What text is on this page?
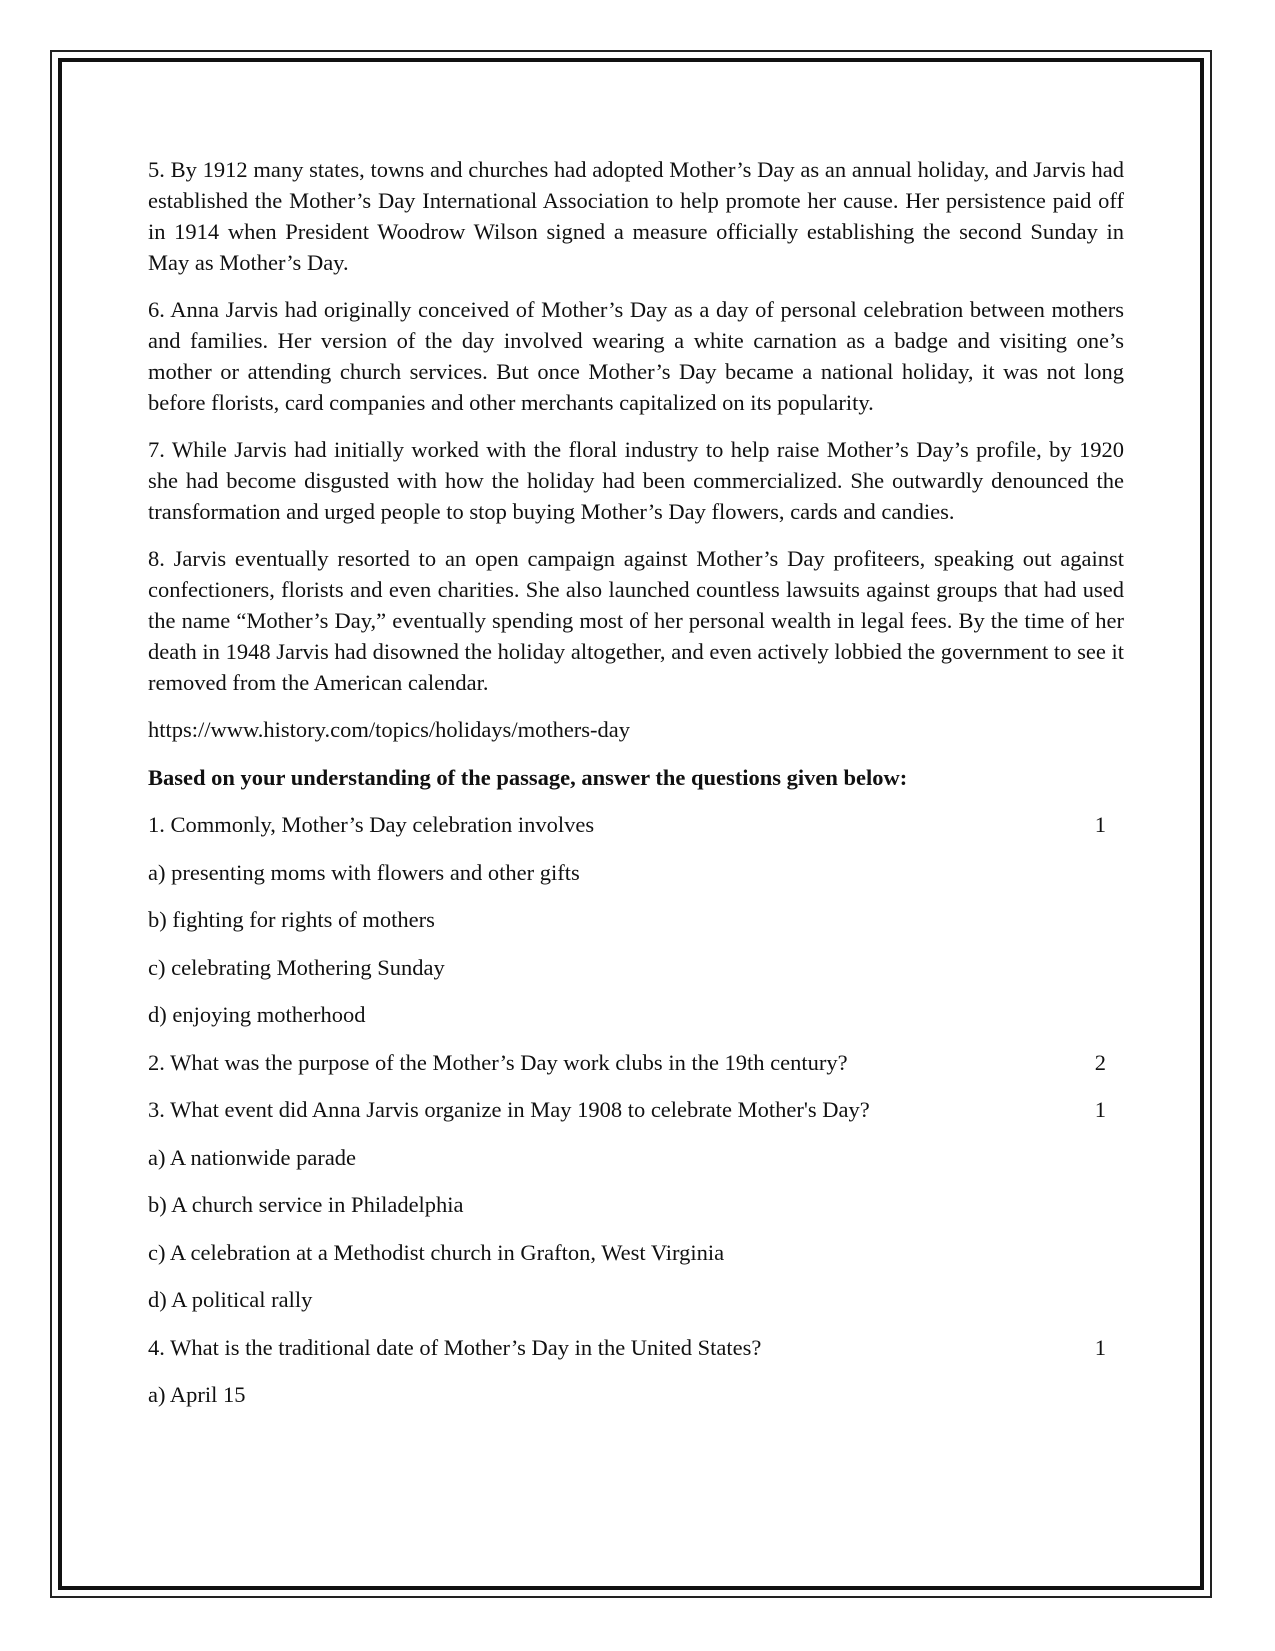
5. By 1912 many states, towns and churches had adopted Mother’s Day as an annual holiday, and Jarvis had established the Mother’s Day International Association to help promote her cause. Her persistence paid off in 1914 when President Woodrow Wilson signed a measure officially establishing the second Sunday in May as Mother’s Day.

6. Anna Jarvis had originally conceived of Mother’s Day as a day of personal celebration between mothers and families. Her version of the day involved wearing a white carnation as a badge and visiting one’s mother or attending church services. But once Mother’s Day became a national holiday, it was not long before florists, card companies and other merchants capitalized on its popularity.

7. While Jarvis had initially worked with the floral industry to help raise Mother’s Day’s profile, by 1920 she had become disgusted with how the holiday had been commercialized. She outwardly denounced the transformation and urged people to stop buying Mother’s Day flowers, cards and candies.

8. Jarvis eventually resorted to an open campaign against Mother’s Day profiteers, speaking out against confectioners, florists and even charities. She also launched countless lawsuits against groups that had used the name “Mother’s Day,” eventually spending most of her personal wealth in legal fees. By the time of her death in 1948 Jarvis had disowned the holiday altogether, and even actively lobbied the government to see it removed from the American calendar.

https://www.history.com/topics/holidays/mothers-day
Based on your understanding of the passage, answer the questions given below:
1. Commonly, Mother’s Day celebration involves	1
a) presenting moms with flowers and other gifts
b) fighting for rights of mothers
c) celebrating Mothering Sunday
d) enjoying motherhood
2. What was the purpose of the Mother’s Day work clubs in the 19th century?	2
3. What event did Anna Jarvis organize in May 1908 to celebrate Mother's Day?	1
a) A nationwide parade
b) A church service in Philadelphia
c) A celebration at a Methodist church in Grafton, West Virginia
d) A political rally
4. What is the traditional date of Mother’s Day in the United States?	1
a) April 15
